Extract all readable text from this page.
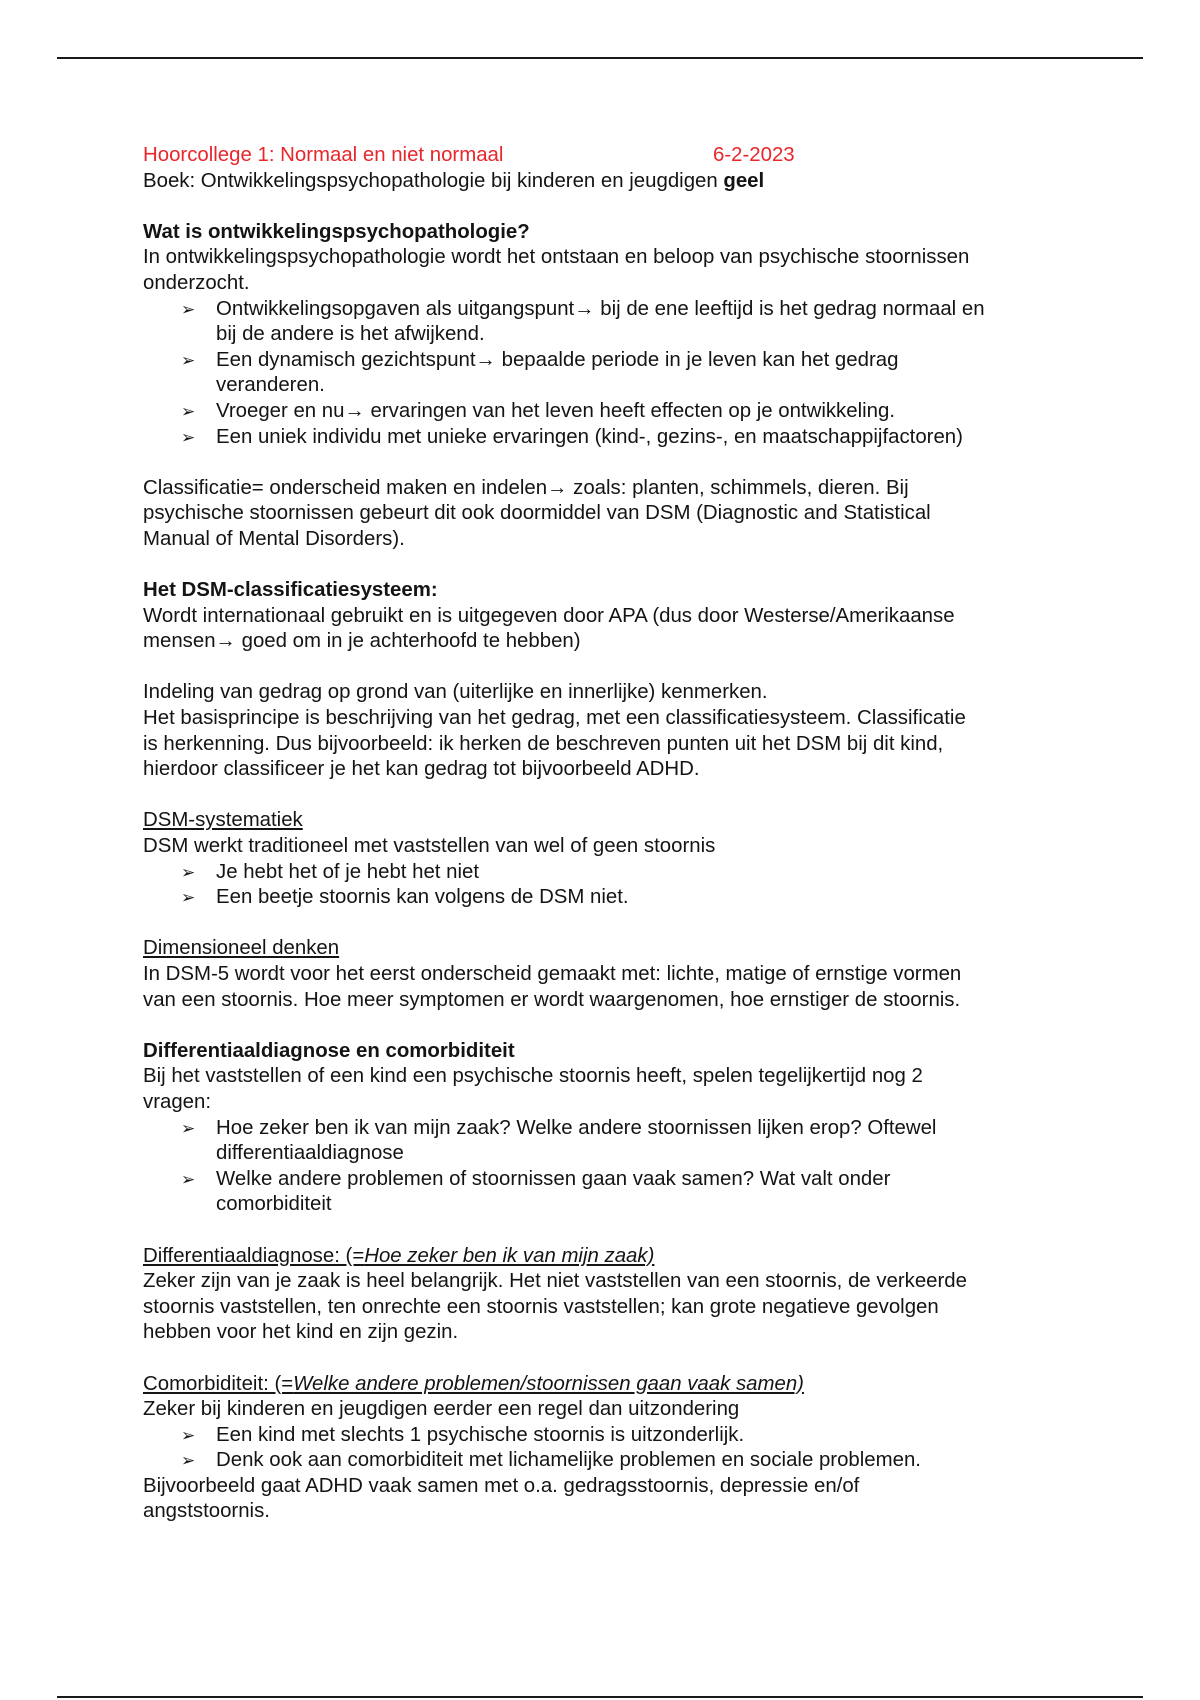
Hoorcollege 1: Normaal en niet normaal	6-2-2023
Boek: Ontwikkelingspsychopathologie bij kinderen en jeugdigen geel
Wat is ontwikkelingspsychopathologie?
In ontwikkelingspsychopathologie wordt het ontstaan en beloop van psychische stoornissen
onderzocht.
➢ Ontwikkelingsopgaven als uitgangspunt→ bij de ene leeftijd is het gedrag normaal en
bij de andere is het afwijkend.
➢ Een dynamisch gezichtspunt→ bepaalde periode in je leven kan het gedrag
veranderen.
➢ Vroeger en nu→ ervaringen van het leven heeft effecten op je ontwikkeling.
➢ Een uniek individu met unieke ervaringen (kind-, gezins-, en maatschappijfactoren)
Classificatie= onderscheid maken en indelen→ zoals: planten, schimmels, dieren. Bij
psychische stoornissen gebeurt dit ook doormiddel van DSM (Diagnostic and Statistical
Manual of Mental Disorders).
Het DSM-classificatiesysteem:
Wordt internationaal gebruikt en is uitgegeven door APA (dus door Westerse/Amerikaanse
mensen→ goed om in je achterhoofd te hebben)
Indeling van gedrag op grond van (uiterlijke en innerlijke) kenmerken.
Het basisprincipe is beschrijving van het gedrag, met een classificatiesysteem. Classificatie
is herkenning. Dus bijvoorbeeld: ik herken de beschreven punten uit het DSM bij dit kind,
hierdoor classificeer je het kan gedrag tot bijvoorbeeld ADHD.
DSM-systematiek
DSM werkt traditioneel met vaststellen van wel of geen stoornis
➢ Je hebt het of je hebt het niet
➢ Een beetje stoornis kan volgens de DSM niet.
Dimensioneel denken
In DSM-5 wordt voor het eerst onderscheid gemaakt met: lichte, matige of ernstige vormen
van een stoornis. Hoe meer symptomen er wordt waargenomen, hoe ernstiger de stoornis.
Differentiaaldiagnose en comorbiditeit
Bij het vaststellen of een kind een psychische stoornis heeft, spelen tegelijkertijd nog 2
vragen:
➢ Hoe zeker ben ik van mijn zaak? Welke andere stoornissen lijken erop? Oftewel
differentiaaldiagnose
➢ Welke andere problemen of stoornissen gaan vaak samen? Wat valt onder
comorbiditeit
Differentiaaldiagnose: (=Hoe zeker ben ik van mijn zaak)
Zeker zijn van je zaak is heel belangrijk. Het niet vaststellen van een stoornis, de verkeerde
stoornis vaststellen, ten onrechte een stoornis vaststellen; kan grote negatieve gevolgen
hebben voor het kind en zijn gezin.
Comorbiditeit: (=Welke andere problemen/stoornissen gaan vaak samen)
Zeker bij kinderen en jeugdigen eerder een regel dan uitzondering
➢ Een kind met slechts 1 psychische stoornis is uitzonderlijk.
➢ Denk ook aan comorbiditeit met lichamelijke problemen en sociale problemen.
Bijvoorbeeld gaat ADHD vaak samen met o.a. gedragsstoornis, depressie en/of
angststoornis.
